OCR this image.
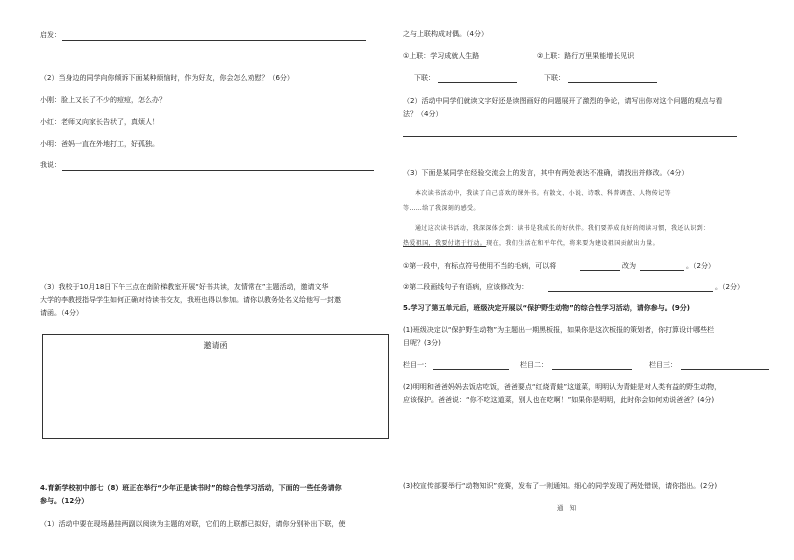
启发：
（2）当身边的同学向你倾诉下面某种烦恼时，作为好友，你会怎么劝慰？（6分）
小刚：脸上又长了不少的痘痘，怎么办？
小红：老师又向家长告状了，真烦人！
小明：爸妈一直在外地打工，好孤独。
我说：
（3）我校于10月18日下午三点在南阶梯教室开展“好书共读，友情常在”主题活动，邀请文华
大学的李教授指导学生如何正确对待读书交友，我班也得以参加。请你以教务处名义给他写一封邀
请函。（4分）
邀请函
4.育新学校初中部七（8）班正在举行“少年正是读书时”的综合性学习活动，下面的一些任务请你
参与。（12分）
（1）活动中要在现场悬挂两副以阅读为主题的对联，它们的上联都已拟好，请你分别补出下联，使
之与上联构成对偶。（4分）
①上联：学习成就人生路	②上联：路行万里果能增长见识
下联：	下联：
（2）活动中同学们就读文字好还是读图画好的问题展开了激烈的争论，请写出你对这个问题的观点与看
法？（4分）
（3）下面是某同学在经验交流会上的发言，其中有两处表达不准确，请找出并修改。（4分）
本次读书活动中，我读了自己喜欢的课外书。有散文、小说、诗歌、科普调查、人物传记等
等……给了我深刻的感受。
通过这次读书活动，我深深体会到：读书是我成长的好伙伴。我们要养成良好的阅读习惯，我还认识到：
热爱祖国，我要付诸于行动。现在，我们生活在和平年代，将来要为建设祖国贡献出力量。
①第一段中，有标点符号使用不当的毛病，可以将	改为	。（2分）
②第二段画线句子有语病，应该修改为：	。（2分）
5.学习了第五单元后，班级决定开展以“保护野生动物”的综合性学习活动，请你参与。(9分)
(1)班级决定以“保护野生动物”为主题出一期黑板报，如果你是这次板报的策划者，你打算设计哪些栏
目呢？(3分)
栏目一：	栏目二：	栏目三：
(2)明明和爸爸妈妈去饭店吃饭，爸爸要点“红烧青蛙”这道菜，明明认为青蛙是对人类有益的野生动物，
应该保护。爸爸说：“你不吃这道菜，别人也在吃啊！”如果你是明明，此时你会如何劝说爸爸？(4分)
(3)校宣传部要举行“动物知识”竞赛，发布了一则通知。细心的同学发现了两处错误，请你指出。(2分)
通 知
